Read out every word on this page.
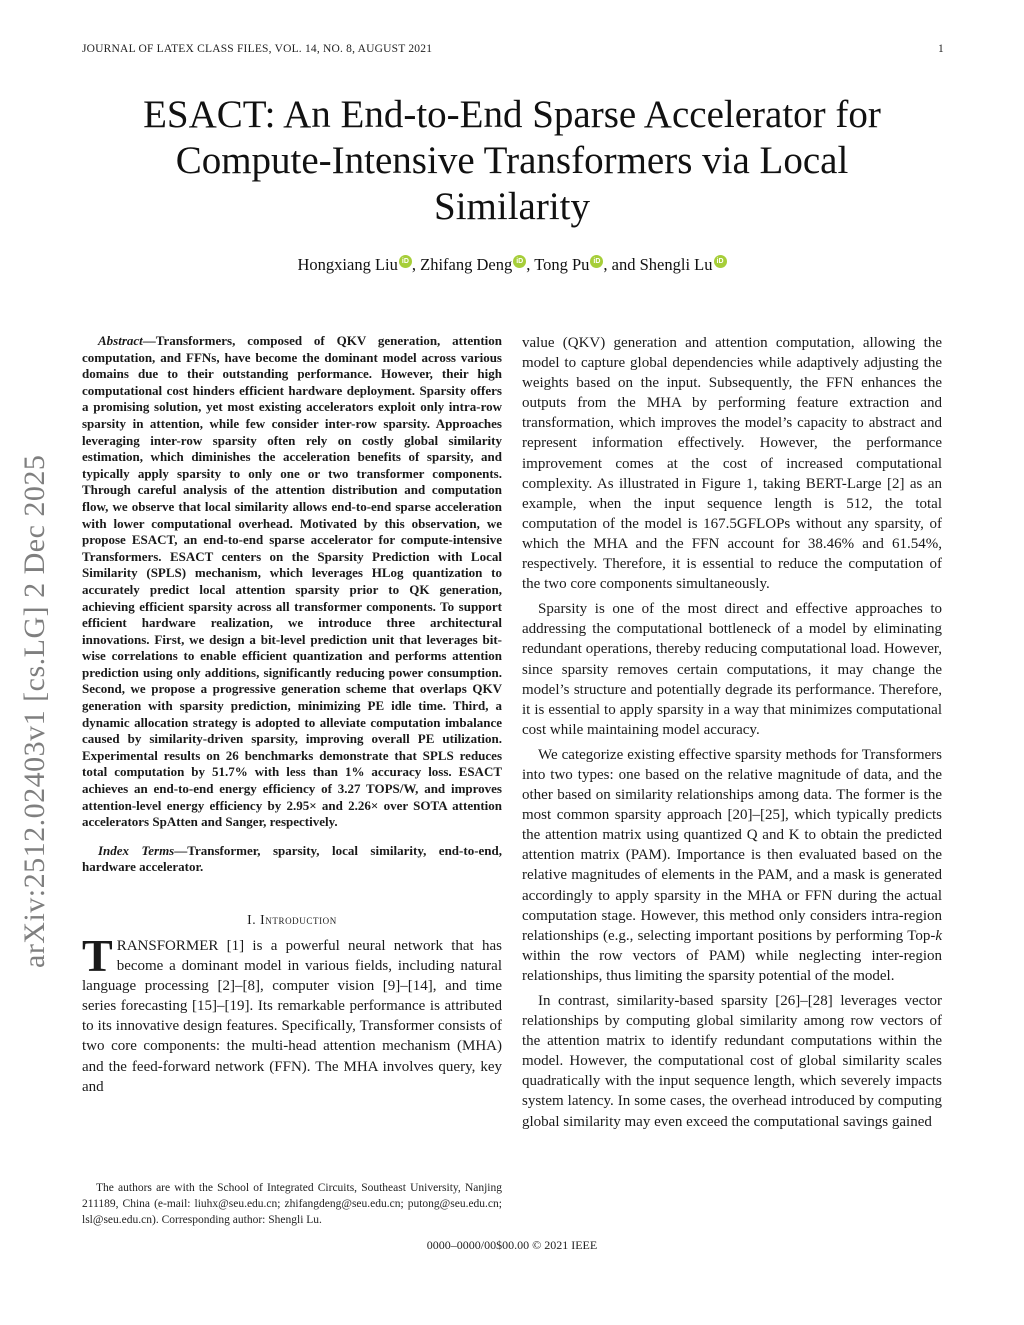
JOURNAL OF LATEX CLASS FILES, VOL. 14, NO. 8, AUGUST 2021	1
arXiv:2512.02403v1 [cs.LG] 2 Dec 2025
ESACT: An End-to-End Sparse Accelerator for Compute-Intensive Transformers via Local Similarity
Hongxiang Liu iD , Zhifang Deng iD , Tong Pu iD , and Shengli Lu iD

Abstract—Transformers, composed of QKV generation, attention computation, and FFNs, have become the dominant model across various domains due to their outstanding performance. However, their high computational cost hinders efficient hardware deployment. Sparsity offers a promising solution, yet most existing accelerators exploit only intra-row sparsity in attention, while few consider inter-row sparsity. Approaches leveraging inter-row sparsity often rely on costly global similarity estimation, which diminishes the acceleration benefits of sparsity, and typically apply sparsity to only one or two transformer components. Through careful analysis of the attention distribution and computation flow, we observe that local similarity allows end-to-end sparse acceleration with lower computational overhead. Motivated by this observation, we propose ESACT, an end-to-end sparse accelerator for compute-intensive Transformers. ESACT centers on the Sparsity Prediction with Local Similarity (SPLS) mechanism, which leverages HLog quantization to accurately predict local attention sparsity prior to QK generation, achieving efficient sparsity across all transformer components. To support efficient hardware realization, we introduce three architectural innovations. First, we design a bit-level prediction unit that leverages bit-wise correlations to enable efficient quantization and performs attention prediction using only additions, significantly reducing power consumption. Second, we propose a progressive generation scheme that overlaps QKV generation with sparsity prediction, minimizing PE idle time. Third, a dynamic allocation strategy is adopted to alleviate computation imbalance caused by similarity-driven sparsity, improving overall PE utilization. Experimental results on 26 benchmarks demonstrate that SPLS reduces total computation by 51.7% with less than 1% accuracy loss. ESACT achieves an end-to-end energy efficiency of 3.27 TOPS/W, and improves attention-level energy efficiency by 2.95× and 2.26× over SOTA attention accelerators SpAtten and Sanger, respectively.

Index Terms—Transformer, sparsity, local similarity, end-to-end, hardware accelerator.

I. Introduction

TRANSFORMER [1] is a powerful neural network that has become a dominant model in various fields, including natural language processing [2]–[8], computer vision [9]–[14], and time series forecasting [15]–[19]. Its remarkable performance is attributed to its innovative design features. Specifically, Transformer consists of two core components: the multi-head attention mechanism (MHA) and the feed-forward network (FFN). The MHA involves query, key and

The authors are with the School of Integrated Circuits, Southeast University, Nanjing 211189, China (e-mail: liuhx@seu.edu.cn; zhifangdeng@seu.edu.cn; putong@seu.edu.cn; lsl@seu.edu.cn). Corresponding author: Shengli Lu.

value (QKV) generation and attention computation, allowing the model to capture global dependencies while adaptively adjusting the weights based on the input. Subsequently, the FFN enhances the outputs from the MHA by performing feature extraction and transformation, which improves the model’s capacity to abstract and represent information effectively. However, the performance improvement comes at the cost of increased computational complexity. As illustrated in Figure 1, taking BERT-Large [2] as an example, when the input sequence length is 512, the total computation of the model is 167.5GFLOPs without any sparsity, of which the MHA and the FFN account for 38.46% and 61.54%, respectively. Therefore, it is essential to reduce the computation of the two core components simultaneously.

Sparsity is one of the most direct and effective approaches to addressing the computational bottleneck of a model by eliminating redundant operations, thereby reducing computational load. However, since sparsity removes certain computations, it may change the model’s structure and potentially degrade its performance. Therefore, it is essential to apply sparsity in a way that minimizes computational cost while maintaining model accuracy.

We categorize existing effective sparsity methods for Transformers into two types: one based on the relative magnitude of data, and the other based on similarity relationships among data. The former is the most common sparsity approach [20]–[25], which typically predicts the attention matrix using quantized Q and K to obtain the predicted attention matrix (PAM). Importance is then evaluated based on the relative magnitudes of elements in the PAM, and a mask is generated accordingly to apply sparsity in the MHA or FFN during the actual computation stage. However, this method only considers intra-region relationships (e.g., selecting important positions by performing Top-k within the row vectors of PAM) while neglecting inter-region relationships, thus limiting the sparsity potential of the model.

In contrast, similarity-based sparsity [26]–[28] leverages vector relationships by computing global similarity among row vectors of the attention matrix to identify redundant computations within the model. However, the computational cost of global similarity scales quadratically with the input sequence length, which severely impacts system latency. In some cases, the overhead introduced by computing global similarity may even exceed the computational savings gained

0000–0000/00$00.00 © 2021 IEEE
